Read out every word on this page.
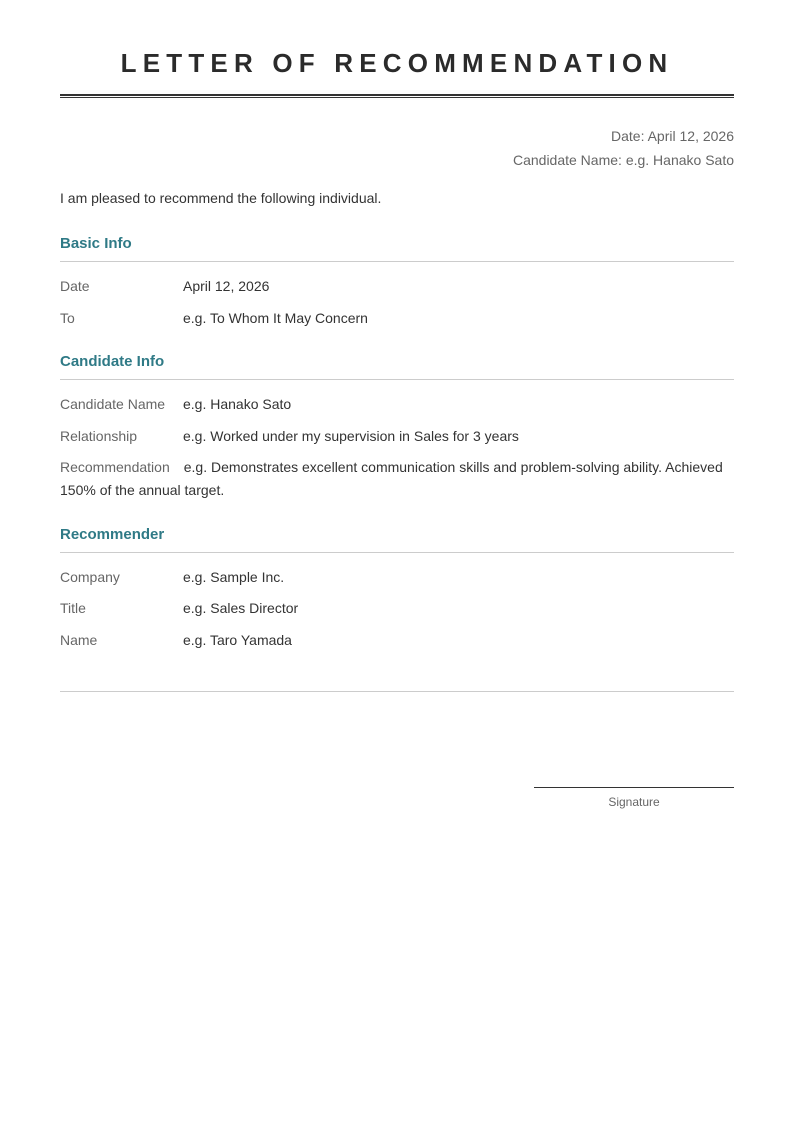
LETTER OF RECOMMENDATION
Date: April 12, 2026
Candidate Name: e.g. Hanako Sato
I am pleased to recommend the following individual.
Basic Info
Date	April 12, 2026
To	e.g. To Whom It May Concern
Candidate Info
Candidate Name e.g. Hanako Sato
Relationship	e.g. Worked under my supervision in Sales for 3 years
Recommendation e.g. Demonstrates excellent communication skills and problem-solving ability. Achieved 150% of the annual target.
Recommender
Company	e.g. Sample Inc.
Title	e.g. Sales Director
Name	e.g. Taro Yamada
Signature
